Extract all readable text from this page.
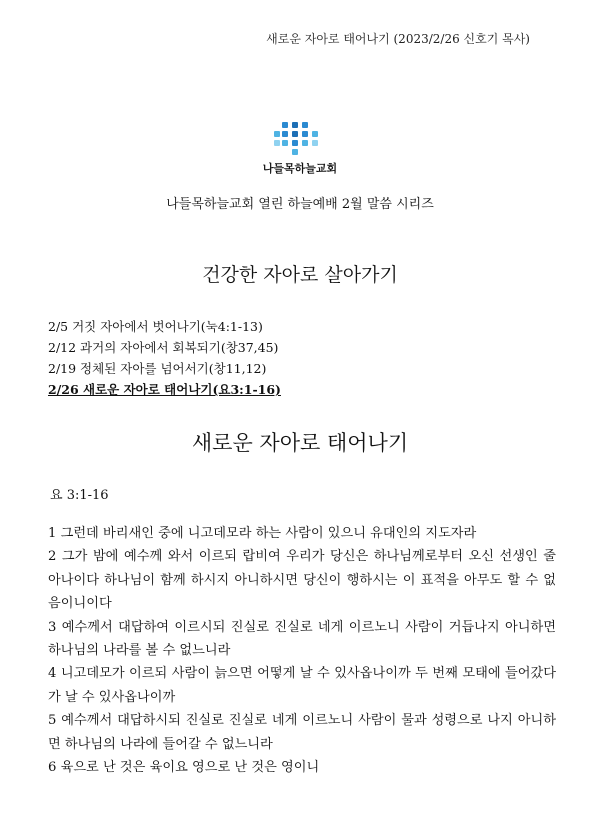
새로운 자아로 태어나기 (2023/2/26 신호기 목사)
나들목하늘교회
나들목하늘교회 열린 하늘예배 2월 말씀 시리즈
건강한 자아로 살아가기
2/5 거짓 자아에서 벗어나기(눅4:1-13)
2/12 과거의 자아에서 회복되기(창37,45)
2/19 정체된 자아를 넘어서기(창11,12)
2/26 새로운 자아로 태어나기(요3:1-16)
새로운 자아로 태어나기
요 3:1-16

1 그런데 바리새인 중에 니고데모라 하는 사람이 있으니 유대인의 지도자라

2 그가 밤에 예수께 와서 이르되 랍비여 우리가 당신은 하나님께로부터 오신 선생인 줄 아나이다 하나님이 함께 하시지 아니하시면 당신이 행하시는 이 표적을 아무도 할 수 없음이니이다

3 예수께서 대답하여 이르시되 진실로 진실로 네게 이르노니 사람이 거듭나지 아니하면 하나님의 나라를 볼 수 없느니라

4 니고데모가 이르되 사람이 늙으면 어떻게 날 수 있사옵나이까 두 번째 모태에 들어갔다가 날 수 있사옵나이까

5 예수께서 대답하시되 진실로 진실로 네게 이르노니 사람이 물과 성령으로 나지 아니하면 하나님의 나라에 들어갈 수 없느니라

6 육으로 난 것은 육이요 영으로 난 것은 영이니
